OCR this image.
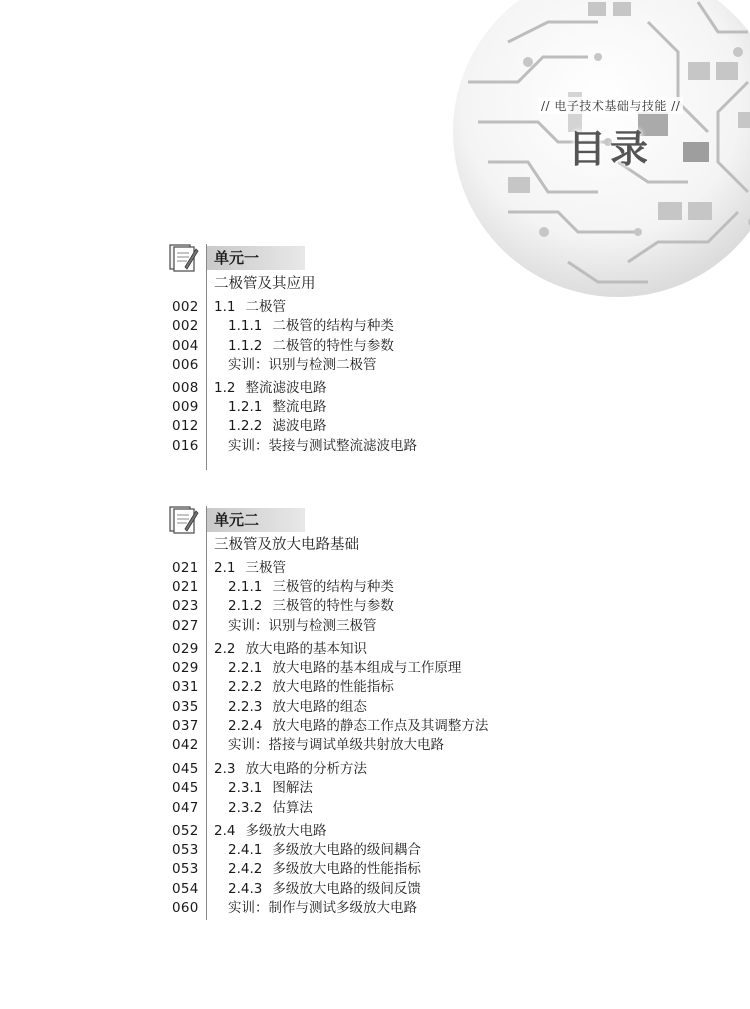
// 电子技术基础与技能 //
目录
单元一
二极管及其应用
002 1.1 二极管
002 1.1.1 二极管的结构与种类
004 1.1.2 二极管的特性与参数
006 实训：识别与检测二极管
008 1.2 整流滤波电路
009 1.2.1 整流电路
012 1.2.2 滤波电路
016 实训：装接与测试整流滤波电路
单元二
三极管及放大电路基础
021 2.1 三极管
021 2.1.1 三极管的结构与种类
023 2.1.2 三极管的特性与参数
027 实训：识别与检测三极管
029 2.2 放大电路的基本知识
029 2.2.1 放大电路的基本组成与工作原理
031 2.2.2 放大电路的性能指标
035 2.2.3 放大电路的组态
037 2.2.4 放大电路的静态工作点及其调整方法
042 实训：搭接与调试单级共射放大电路
045 2.3 放大电路的分析方法
045 2.3.1 图解法
047 2.3.2 估算法
052 2.4 多级放大电路
053 2.4.1 多级放大电路的级间耦合
053 2.4.2 多级放大电路的性能指标
054 2.4.3 多级放大电路的级间反馈
060 实训：制作与测试多级放大电路
